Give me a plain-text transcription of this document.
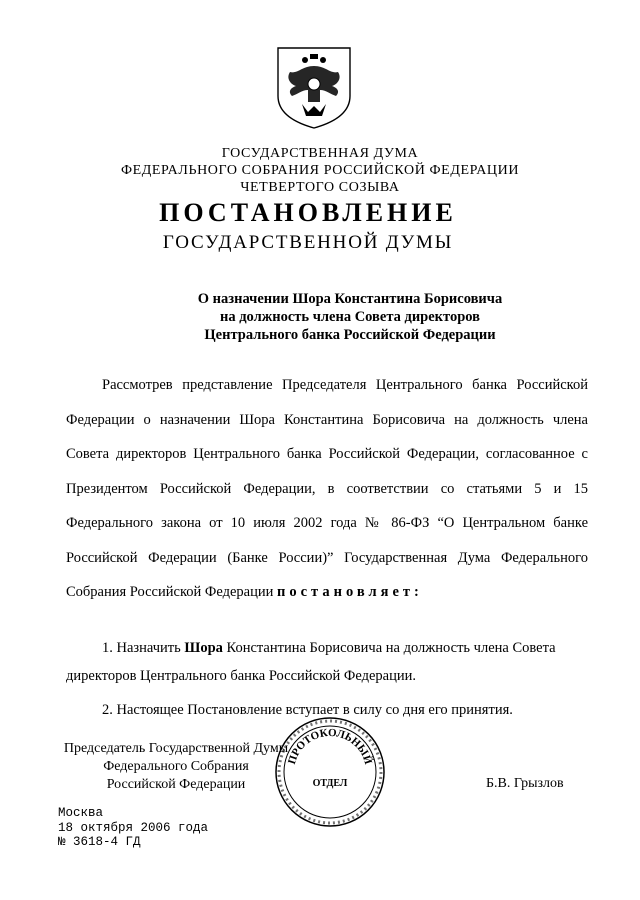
ГОСУДАРСТВЕННАЯ ДУМА
ФЕДЕРАЛЬНОГО СОБРАНИЯ РОССИЙСКОЙ ФЕДЕРАЦИИ
ЧЕТВЕРТОГО СОЗЫВА
ПОСТАНОВЛЕНИЕ
ГОСУДАРСТВЕННОЙ ДУМЫ
О назначении Шора Константина Борисовича
на должность члена Совета директоров
Центрального банка Российской Федерации

Рассмотрев представление Председателя Центрального банка Российской Федерации о назначении Шора Константина Борисовича на должность члена Совета директоров Центрального банка Российской Федерации, согласованное с Президентом Российской Федерации, в соответствии со статьями 5 и 15 Федерального закона от 10 июля 2002 года № 86-ФЗ “О Центральном банке Российской Федерации (Банке России)” Государственная Дума Федерального Собрания Российской Федерации постановляет:

1. Назначить Шора Константина Борисовича на должность члена Совета директоров Центрального банка Российской Федерации.

2. Настоящее Постановление вступает в силу со дня его принятия.

Председатель Государственной Думы
Федерального Собрания
Российской Федерации	Б.В. Грызлов
ПРОТОКОЛЬНЫЙ
ОТДЕЛ
Москва
18 октября 2006 года
№ 3618-4 ГД
